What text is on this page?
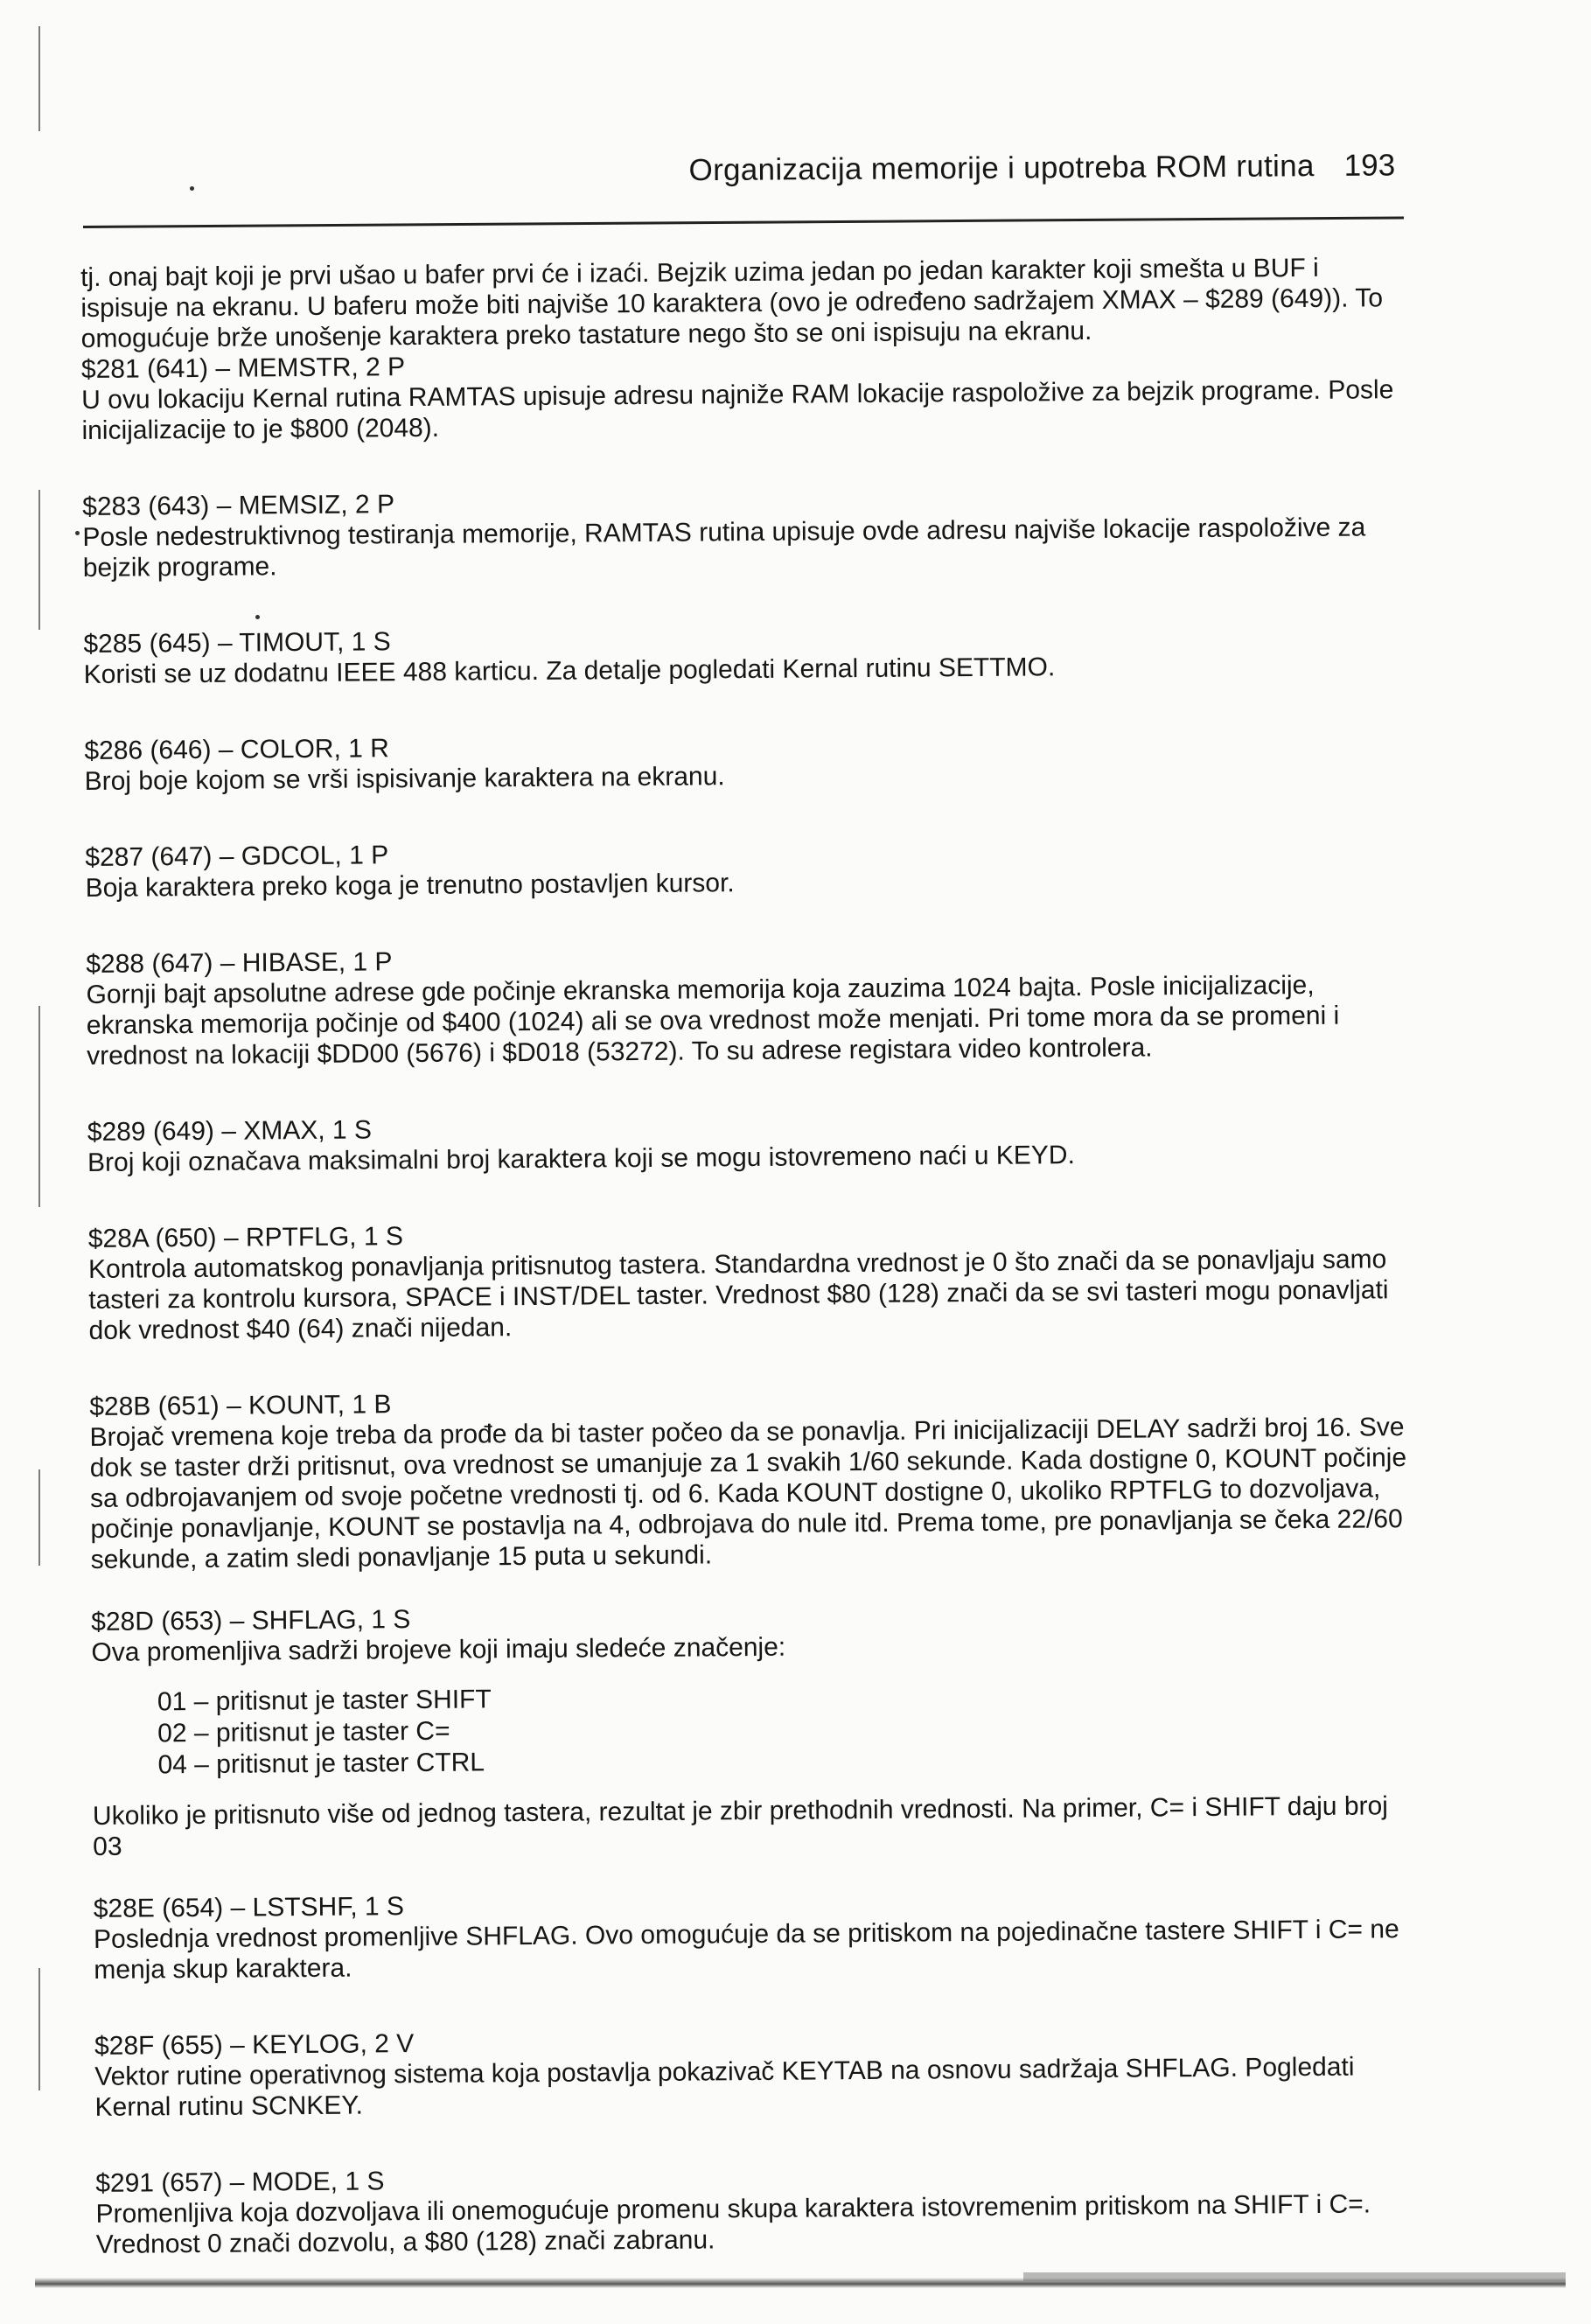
Organizacija memorije i upotreba ROM rutina 193

tj. onaj bajt koji je prvi ušao u bafer prvi će i izaći. Bejzik uzima jedan po jedan karakter koji smešta u BUF i ispisuje na ekranu. U baferu može biti najviše 10 karaktera (ovo je određeno sadržajem XMAX – $289 (649)). To omogućuje brže unošenje karaktera preko tastature nego što se oni ispisuju na ekranu.

$281 (641) – MEMSTR, 2 P

U ovu lokaciju Kernal rutina RAMTAS upisuje adresu najniže RAM lokacije raspoložive za bejzik programe. Posle inicijalizacije to je $800 (2048).

$283 (643) – MEMSIZ, 2 P

Posle nedestruktivnog testiranja memorije, RAMTAS rutina upisuje ovde adresu najviše lokacije raspoložive za bejzik programe.

$285 (645) – TIMOUT, 1 S

Koristi se uz dodatnu IEEE 488 karticu. Za detalje pogledati Kernal rutinu SETTMO.

$286 (646) – COLOR, 1 R

Broj boje kojom se vrši ispisivanje karaktera na ekranu.

$287 (647) – GDCOL, 1 P

Boja karaktera preko koga je trenutno postavljen kursor.

$288 (647) – HIBASE, 1 P

Gornji bajt apsolutne adrese gde počinje ekranska memorija koja zauzima 1024 bajta. Posle inicijalizacije, ekranska memorija počinje od $400 (1024) ali se ova vrednost može menjati. Pri tome mora da se promeni i vrednost na lokaciji $DD00 (5676) i $D018 (53272). To su adrese registara video kontrolera.

$289 (649) – XMAX, 1 S

Broj koji označava maksimalni broj karaktera koji se mogu istovremeno naći u KEYD.

$28A (650) – RPTFLG, 1 S

Kontrola automatskog ponavljanja pritisnutog tastera. Standardna vrednost je 0 što znači da se ponavljaju samo tasteri za kontrolu kursora, SPACE i INST/DEL taster. Vrednost $80 (128) znači da se svi tasteri mogu ponavljati dok vrednost $40 (64) znači nijedan.

$28B (651) – KOUNT, 1 B

Brojač vremena koje treba da prođe da bi taster počeo da se ponavlja. Pri inicijalizaciji DELAY sadrži broj 16. Sve dok se taster drži pritisnut, ova vrednost se umanjuje za 1 svakih 1/60 sekunde. Kada dostigne 0, KOUNT počinje sa odbrojavanjem od svoje početne vrednosti tj. od 6. Kada KOUNT dostigne 0, ukoliko RPTFLG to dozvoljava, počinje ponavljanje, KOUNT se postavlja na 4, odbrojava do nule itd. Prema tome, pre ponavljanja se čeka 22/60 sekunde, a zatim sledi ponavljanje 15 puta u sekundi.

$28D (653) – SHFLAG, 1 S

Ova promenljiva sadrži brojeve koji imaju sledeće značenje:

01 – pritisnut je taster SHIFT
02 – pritisnut je taster C=
04 – pritisnut je taster CTRL

Ukoliko je pritisnuto više od jednog tastera, rezultat je zbir prethodnih vrednosti. Na primer, C= i SHIFT daju broj 03

$28E (654) – LSTSHF, 1 S

Poslednja vrednost promenljive SHFLAG. Ovo omogućuje da se pritiskom na pojedinačne tastere SHIFT i C= ne menja skup karaktera.

$28F (655) – KEYLOG, 2 V

Vektor rutine operativnog sistema koja postavlja pokazivač KEYTAB na osnovu sadržaja SHFLAG. Pogledati Kernal rutinu SCNKEY.

$291 (657) – MODE, 1 S

Promenljiva koja dozvoljava ili onemogućuje promenu skupa karaktera istovremenim pritiskom na SHIFT i C=. Vrednost 0 znači dozvolu, a $80 (128) znači zabranu.
